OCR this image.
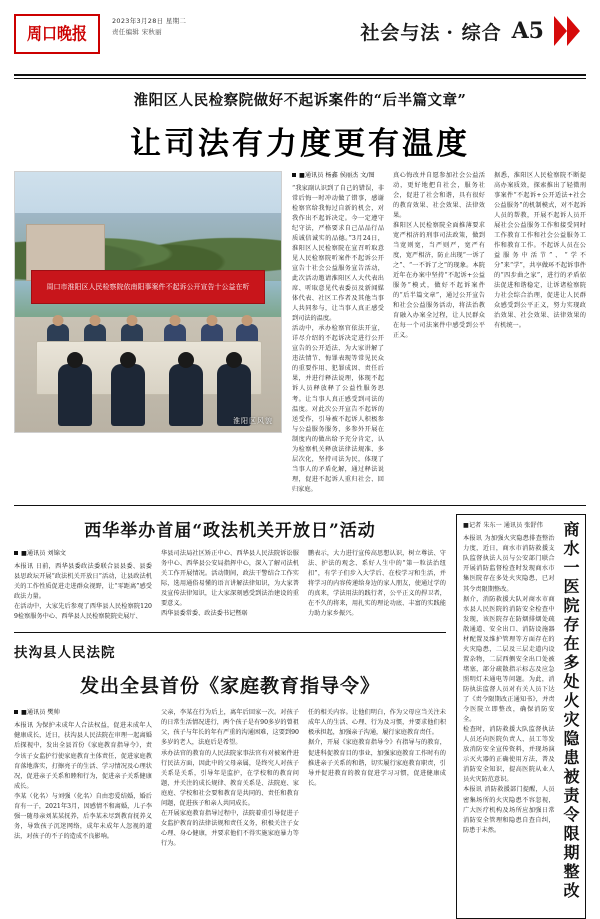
周口晚报
2023年3月28日 星期二
责任编辑 宋秋丽	社会与法 · 综合 A5
淮阳区人民检察院做好不起诉案件的“后半篇文章”
让司法有力度更有温度
周口市淮阳区人民检察院依南阳事案件不起诉公开宣告十公益在听
淮阳区风貌
■通讯员 杨鑫 侯丽杰 文/图
“我家副认识到了自己的错误，非常后悔一时冲动做了错事，感谢检察官给我悔过自新的机会，对我作出不起诉决定。今一定遵守纪守法，严格要求自己品品行品质诚信诚实的品德。”3月24日，淮阳区人民检察院在宣召听取意见人民检察院听案件不起诉公开宣告十社会公益服务宣告活动，此次活动邀请淮阳区人大代表出席、听取意见代表委员及新闻媒体代表、社区工作者及其他当事人共同参与，让当事人真正感受到司法的温度。
活动中，承办检察官依法开宣，详尽介绍的不起诉决定进行公开宣告的公开适法、为大家讲解了违法情节、悔罪表现等常见民众的重要作用、犯罪成因、责任后果，并进行释法说理，体现不起诉人员释放释了公益性服务思考。让当事人真正感受到司法的温度。对此次公开宣告不起诉的送受作，引导被不起诉人积极参与公益服务服务，多参外开展在制度内的做出给予充分肯定，认为检察机关释放法律法规准、多层次化，坚持司法为民，体现了当事人的矛盾化解，通过释法说理，促进不起诉人重归社会、回归家庭。
真心悔改并自愿参加社会公益活动，更好地把自社会，服务社会，促进了社会和谐，具有很好的教育效果、社会效果、法律效果。
淮阳区人民检察院全面推薄要求宽严相济的刑事司法政策，做到当宽则宽，当严则严，宽严有度，宽严相济，防止出现“一诉了之”、“一不诉了之”的现象。本院近年在办案中坚持“不起诉+公益服务”模式，做好不起诉案件的“后半篇文章”，通过公开宣告和社会公益服务活动，将法治教育融入办案全过程，让人民群众在每一个司法案件中感受到公平正义。
据悉，淮阳区人民检察院不断提高办案质效，探索推出了轻微刑事案件“不起诉+公开适法+社会公益服务”的机制模式，对不起诉人员的帮教，开展不起诉人员开展社会公益服务工作和接受同时工作教育工作和社会公益服务工作和教育工作。不起诉人员在公益服务中活节”、“学不分”来“学”，共享做环不起诉事件的“四步曲之家”，进行的矛盾依法促进和谐稳定，让诉诸检察院力社会综合治理，促进让人民群众感受到公平正义，努力实现政治效果、社会效果、法律效果的有机统一。
西华举办首届“政法机关开放日”活动
■通讯员 刘锦文
本报讯 日前，西华县委政法委联合县县委、县委县思政坛开展“政法机关开放日”活动，让县政法机关的工作性质促进走进群众视野，让“零距离”感受政法力量。
在活动中，大家先后参观了西华县人民检察院1209检察服务中心、西华县人民检察院院史展厅、
华县司法局社区矫正中心、西华县人民法院诉讼服务中心、西华县公安局指挥中心，深入了解司法机关工作开展情况。活动期间，政法干警结合工作实际，选用通俗易懂的语言讲解法律知识，为大家普及宣传法律知识，让大家深刻感受到法治建设的重要意义。
西华县委常委、政法委书记暨琚
鹏表示，大力进行宣传高思想认识，树立尊法、守法、护法的观念、系好人生中的“第一粒法治纽扣”，有学子们步入大学后、在校学习和生活，并将学习的内容传递给身边的家人朋友，使通过学的的真来，学法用法的践行者，公平正义的捍卫者，在不久的将来，用扎实的理论功底、丰富的实践能力助力家乡振兴。
扶沟县人民法院
发出全县首份《家庭教育指导令》
■通讯员 樊帅
本报讯 为保护未成年人合法权益，促进未成年人健康成长，近日，扶沟县人民法院在审理一起离婚后探视中，发出全县首份《家庭教育指导令》，责令该子女监护行使家庭教育主体责任，促进家庭教育落地落实，打擦亮子的生活、学习情况及心理状况，促进亲子关系和睦和行为，促进亲子关系健康成长。
李某（化名）与刘强（化名）自由恋爱结婚，婚后育有一子，2021年3月，因感情不和离婚，儿子李强一随母亲刘某某抚养，后李某未尽到教育抚养义务，导致孩子沉迷网络，成年未成年人忽视的道法，对孩子的不子的造成不良影响。
父亲，李某在行为后上，离年后回家一次。对孩子的日常生活情况进行，两个孩子是有90多岁的曾祖父，孩子与年长的年有严重的沟通困难，这要到90多岁的老人，法庭后是希望。
承办法官的教育的人民法院家事法官有对被案件进行民法方面，因此中的父母亲属，是终究人对孩子关系是关系，引导年是监护，在学校和的教育问题，并关注的成长规律、教育关系是、法院庭、家庭庭、学校和社会要和教育是共同的、责任和教育问题，促进孩子和亲人共同成长。
在开展家庭教育指导过程中，法院着重引导促进子女监护教育的法律法规和责任义务，积极关注子女心理、身心健康，并要求他们不得实施家庭暴力等行为。
任的相关内容。让他们明白，作为父母应当关注未成年人的生活、心理、行为及习惯，并要求他们积极承担起，加强亲子沟通，履行家庭教育责任。
据介，开展《家庭教育指导令》有指导与的教育，促进科促教育目的事业，加强家庭教育工作时有的推进亲子关系的和谐，切实履行家庭教育职责，引导并促进教育的教育促进学习习惯，促进健康成长。	商水一医院存在多处火灾隐患被责令限期整改
■记者 朱东一 通讯员 张舒伟
本报讯 为加强火灾隐患排查整治力度，近日，商水市消防救援支队监督执法人员与公安部门联合开展消防监督检查时发现商水市集医院存在多处火灾隐患，已对其令责限期整改。
据介，消防救援大队对商水市商水县人民医院的消防安全检查中发现，该医院存在防烟排烟处疏散通道、安全出口、消防设施器材配置及维护管理等方面存在的火灾隐患，二层及三层走道内设置杂物，二层西侧安全出口处被堵塞，部分疏散指示标志及应急照明灯未通电等问题。为此，消防执法监督人员对有关人员下达了《责令限期改正通知书》，并责令医院立即整改，确保消防安全。
检查时，消防救援大队监督执法人员还向医院负责人、员工等发放消防安全宣传资料，并现场演示灭火器的正确使用方法，普及消防安全知识，提高医院从业人员火灾防范意识。
本报讯 消防救援部门提醒，人员密集场所的火灾隐患不容忽视，广大医疗机构及场所应加强日常消防安全管理和隐患自查自纠，防患于未然。
